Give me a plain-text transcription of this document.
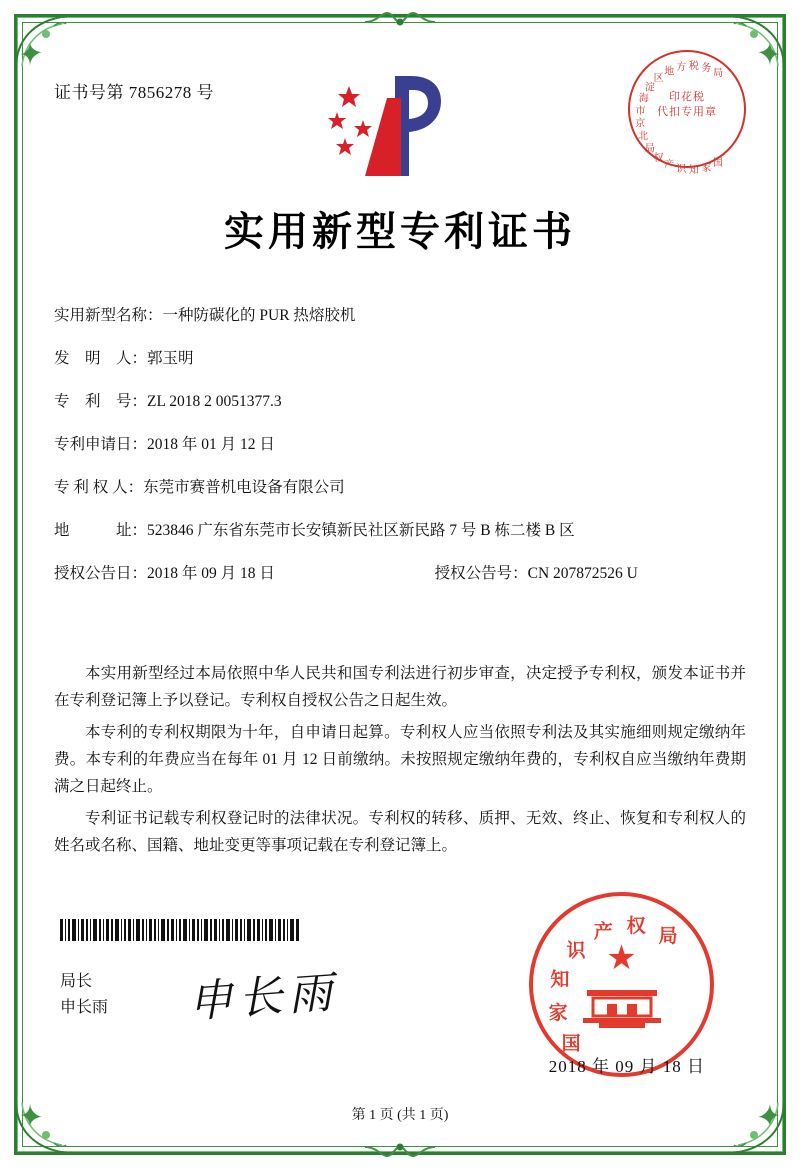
证书号第 7856278 号
北
京
市
海
淀
区
地 方 税 务 局
国
家
知
识
产
权
局
印花税
代扣专用章
实用新型专利证书
实用新型名称： 一种防碳化的 PUR 热熔胶机
发　明　人： 郭玉明
专　利　号： ZL 2018 2 0051377.3
专利申请日： 2018 年 01 月 12 日
专 利 权 人： 东莞市赛普机电设备有限公司
地　　　址： 523846 广东省东莞市长安镇新民社区新民路 7 号 B 栋二楼 B 区
授权公告日： 2018 年 09 月 18 日	授权公告号： CN 207872526 U

本实用新型经过本局依照中华人民共和国专利法进行初步审查，决定授予专利权，颁发本证书并在专利登记簿上予以登记。专利权自授权公告之日起生效。

本专利的专利权期限为十年，自申请日起算。专利权人应当依照专利法及其实施细则规定缴纳年费。本专利的年费应当在每年 01 月 12 日前缴纳。未按照规定缴纳年费的，专利权自应当缴纳年费期满之日起终止。

专利证书记载专利权登记时的法律状况。专利权的转移、质押、无效、终止、恢复和专利权人的姓名或名称、国籍、地址变更等事项记载在专利登记簿上。

局长
申长雨 申长雨
国
家
知
识
产 权 局
★
2018 年 09 月 18 日
第 1 页 (共 1 页)
